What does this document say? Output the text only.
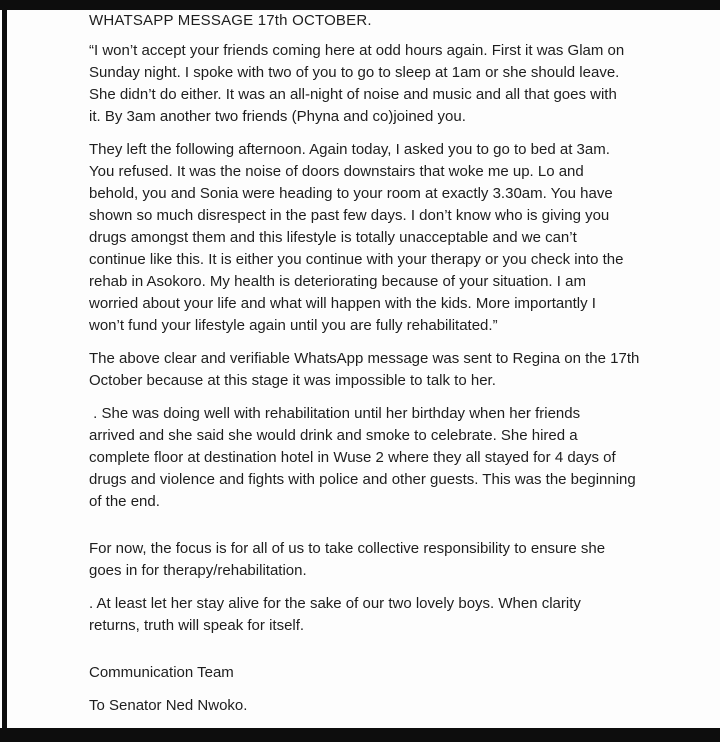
WHATSAPP MESSAGE 17th OCTOBER.
“I won’t accept your friends coming here at odd hours again. First it was Glam on
Sunday night. I spoke with two of you to go to sleep at 1am or she should leave.
She didn’t do either. It was an all-night of noise and music and all that goes with
it. By 3am another two friends (Phyna and co)joined you.
They left the following afternoon. Again today, I asked you to go to bed at 3am.
You refused. It was the noise of doors downstairs that woke me up. Lo and
behold, you and Sonia were heading to your room at exactly 3.30am. You have
shown so much disrespect in the past few days. I don’t know who is giving you
drugs amongst them and this lifestyle is totally unacceptable and we can’t
continue like this. It is either you continue with your therapy or you check into the
rehab in Asokoro. My health is deteriorating because of your situation. I am
worried about your life and what will happen with the kids. More importantly I
won’t fund your lifestyle again until you are fully rehabilitated.”
The above clear and verifiable WhatsApp message was sent to Regina on the 17th
October because at this stage it was impossible to talk to her.
. She was doing well with rehabilitation until her birthday when her friends
arrived and she said she would drink and smoke to celebrate. She hired a
complete floor at destination hotel in Wuse 2 where they all stayed for 4 days of
drugs and violence and fights with police and other guests. This was the beginning
of the end.
For now, the focus is for all of us to take collective responsibility to ensure she
goes in for therapy/rehabilitation.
. At least let her stay alive for the sake of our two lovely boys. When clarity
returns, truth will speak for itself.
Communication Team
To Senator Ned Nwoko.
